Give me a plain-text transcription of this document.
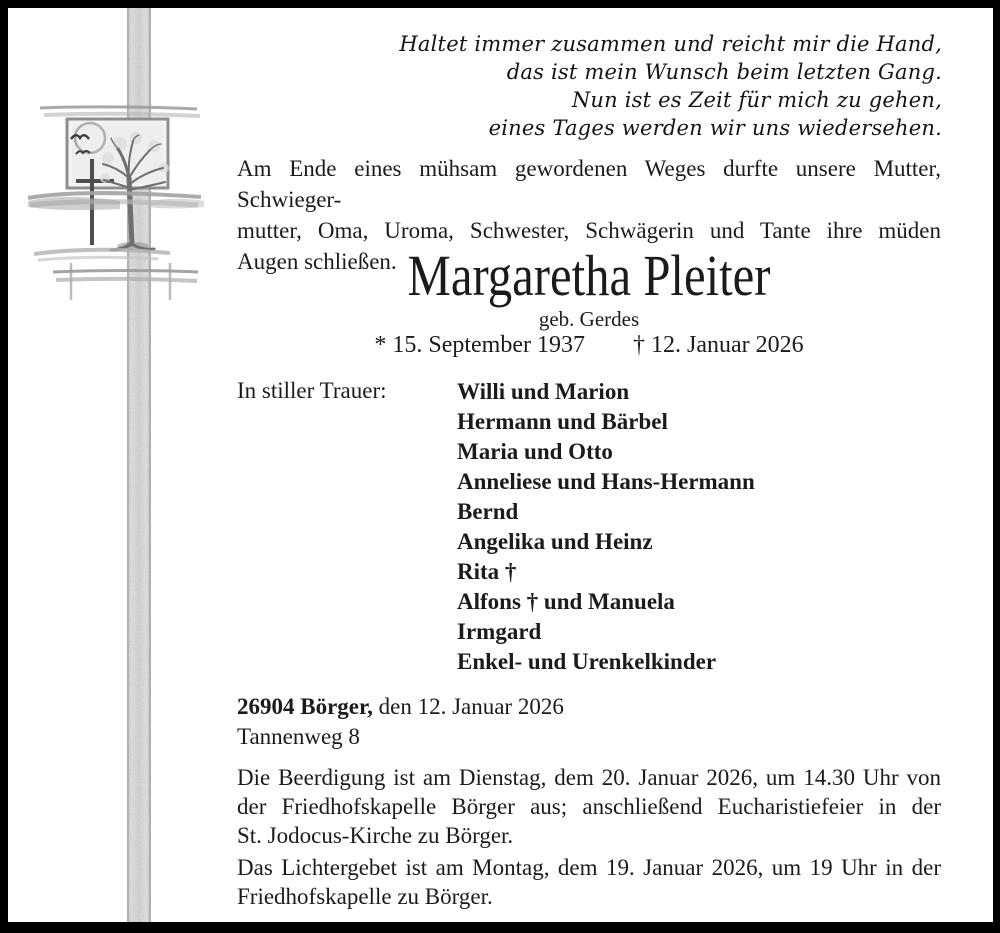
Haltet immer zusammen und reicht mir die Hand,
das ist mein Wunsch beim letzten Gang.
Nun ist es Zeit für mich zu gehen,
eines Tages werden wir uns wiedersehen.
Am Ende eines mühsam gewordenen Weges durfte unsere Mutter, Schwieger-
mutter, Oma, Uroma, Schwester, Schwägerin und Tante ihre müden
Augen schließen. Margaretha Pleiter
geb. Gerdes
* 15. September 1937 † 12. Januar 2026
In stiller Trauer:	Willi und Marion
Hermann und Bärbel
Maria und Otto
Anneliese und Hans-Hermann
Bernd
Angelika und Heinz
Rita †
Alfons † und Manuela
Irmgard
Enkel- und Urenkelkinder
26904 Börger, den 12. Januar 2026
Tannenweg 8
Die Beerdigung ist am Dienstag, dem 20. Januar 2026, um 14.30 Uhr von
der Friedhofskapelle Börger aus; anschließend Eucharistiefeier in der
St. Jodocus-Kirche zu Börger.
Das Lichtergebet ist am Montag, dem 19. Januar 2026, um 19 Uhr in der
Friedhofskapelle zu Börger.
